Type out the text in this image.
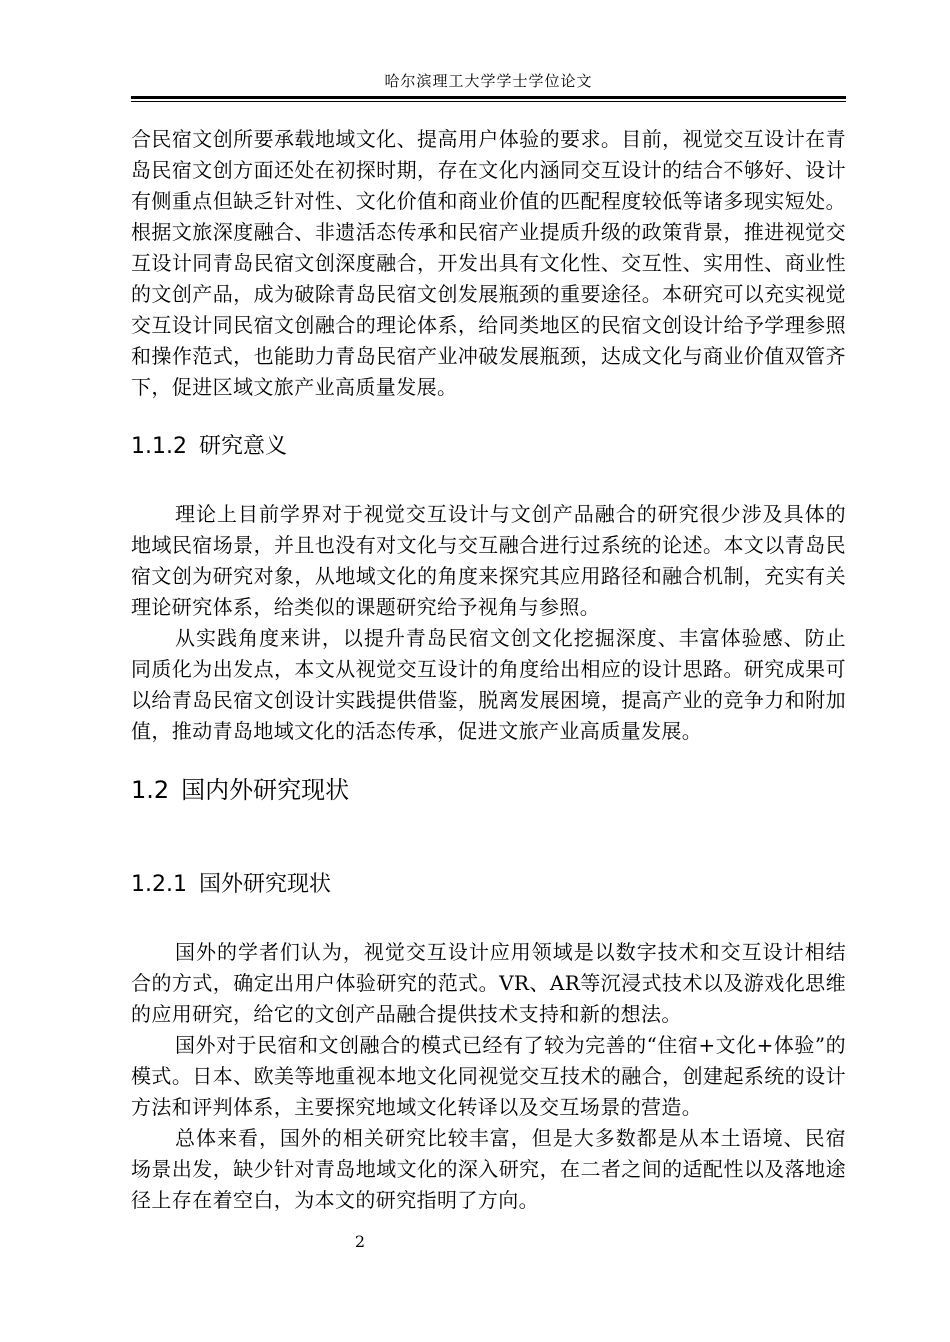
哈尔滨理工大学学士学位论文

合民宿文创所要承载地域文化、提高用户体验的要求。目前，视觉交互设计在青岛民宿文创方面还处在初探时期，存在文化内涵同交互设计的结合不够好、设计有侧重点但缺乏针对性、文化价值和商业价值的匹配程度较低等诸多现实短处。根据文旅深度融合、非遗活态传承和民宿产业提质升级的政策背景，推进视觉交互设计同青岛民宿文创深度融合，开发出具有文化性、交互性、实用性、商业性的文创产品，成为破除青岛民宿文创发展瓶颈的重要途径。本研究可以充实视觉交互设计同民宿文创融合的理论体系，给同类地区的民宿文创设计给予学理参照和操作范式，也能助力青岛民宿产业冲破发展瓶颈，达成文化与商业价值双管齐下，促进区域文旅产业高质量发展。

1.1.2 研究意义

理论上目前学界对于视觉交互设计与文创产品融合的研究很少涉及具体的地域民宿场景，并且也没有对文化与交互融合进行过系统的论述。本文以青岛民宿文创为研究对象，从地域文化的角度来探究其应用路径和融合机制，充实有关理论研究体系，给类似的课题研究给予视角与参照。

从实践角度来讲，以提升青岛民宿文创文化挖掘深度、丰富体验感、防止同质化为出发点，本文从视觉交互设计的角度给出相应的设计思路。研究成果可以给青岛民宿文创设计实践提供借鉴，脱离发展困境，提高产业的竞争力和附加值，推动青岛地域文化的活态传承，促进文旅产业高质量发展。

1.2 国内外研究现状
1.2.1 国外研究现状

国外的学者们认为，视觉交互设计应用领域是以数字技术和交互设计相结合的方式，确定出用户体验研究的范式。VR、AR等沉浸式技术以及游戏化思维的应用研究，给它的文创产品融合提供技术支持和新的想法。

国外对于民宿和文创融合的模式已经有了较为完善的“住宿+文化+体验”的模式。日本、欧美等地重视本地文化同视觉交互技术的融合，创建起系统的设计方法和评判体系，主要探究地域文化转译以及交互场景的营造。

总体来看，国外的相关研究比较丰富，但是大多数都是从本土语境、民宿场景出发，缺少针对青岛地域文化的深入研究，在二者之间的适配性以及落地途径上存在着空白，为本文的研究指明了方向。

2
